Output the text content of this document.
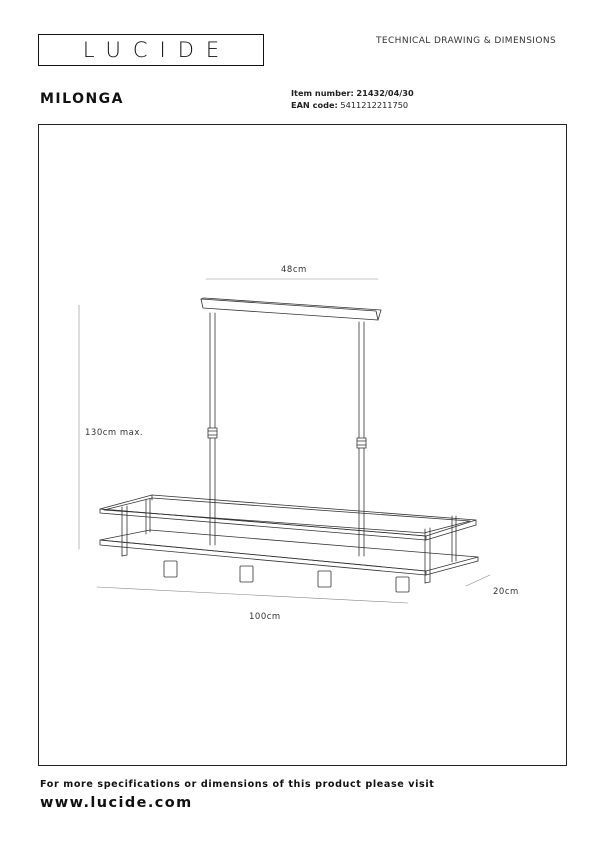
LUCIDE	TECHNICAL DRAWING & DIMENSIONS
MILONGA	Item number: 21432/04/30
EAN code: 5411212211750
48cm
130cm max.
100cm
20cm
For more specifications or dimensions of this product please visit
www.lucide.com
